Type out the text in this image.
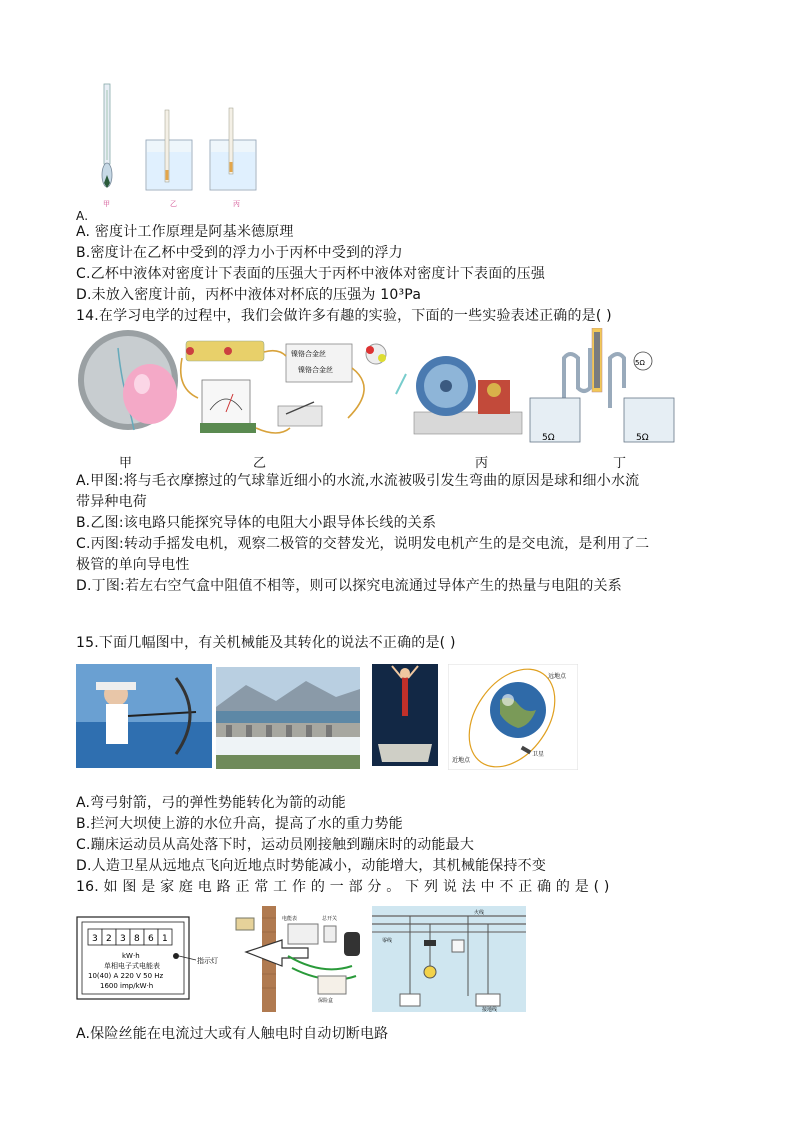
甲	乙	丙
A.
A. 密度计工作原理是阿基米德原理
B.密度计在乙杯中受到的浮力小于丙杯中受到的浮力
C.乙杯中液体对密度计下表面的压强大于丙杯中液体对密度计下表面的压强
D.未放入密度计前，丙杯中液体对杯底的压强为 10³Pa
14.在学习电学的过程中，我们会做许多有趣的实验，下面的一些实验表述正确的是( )
镍铬合金丝
镍铬合金丝
5Ω
5Ω
5Ω
甲	乙	丙	丁
A.甲图:将与毛衣摩擦过的气球靠近细小的水流,水流被吸引发生弯曲的原因是球和细小水流
带异种电荷
B.乙图:该电路只能探究导体的电阻大小跟导体长线的关系
C.丙图:转动手摇发电机，观察二极管的交替发光，说明发电机产生的是交电流，是利用了二
极管的单向导电性
D.丁图:若左右空气盒中阻值不相等，则可以探究电流通过导体产生的热量与电阻的关系
15.下面几幅图中，有关机械能及其转化的说法不正确的是( )
远地点
近地点
卫星
A.弯弓射箭，弓的弹性势能转化为箭的动能
B.拦河大坝使上游的水位升高，提高了水的重力势能
C.蹦床运动员从高处落下时，运动员刚接触到蹦床时的动能最大
D.人造卫星从远地点飞向近地点时势能减小，动能增大，其机械能保持不变
16. 如 图 是 家 庭 电 路 正 常 工 作 的 一 部 分 。 下 列 说 法 中 不 正 确 的 是 ( )
3 2 3 8 6 1
kW·h
单相电子式电能表
10(40) A 220 V 50 Hz
1600 imp/kW·h
指示灯
电能表	总开关
保险盒
火线
零线
接地线
A.保险丝能在电流过大或有人触电时自动切断电路
